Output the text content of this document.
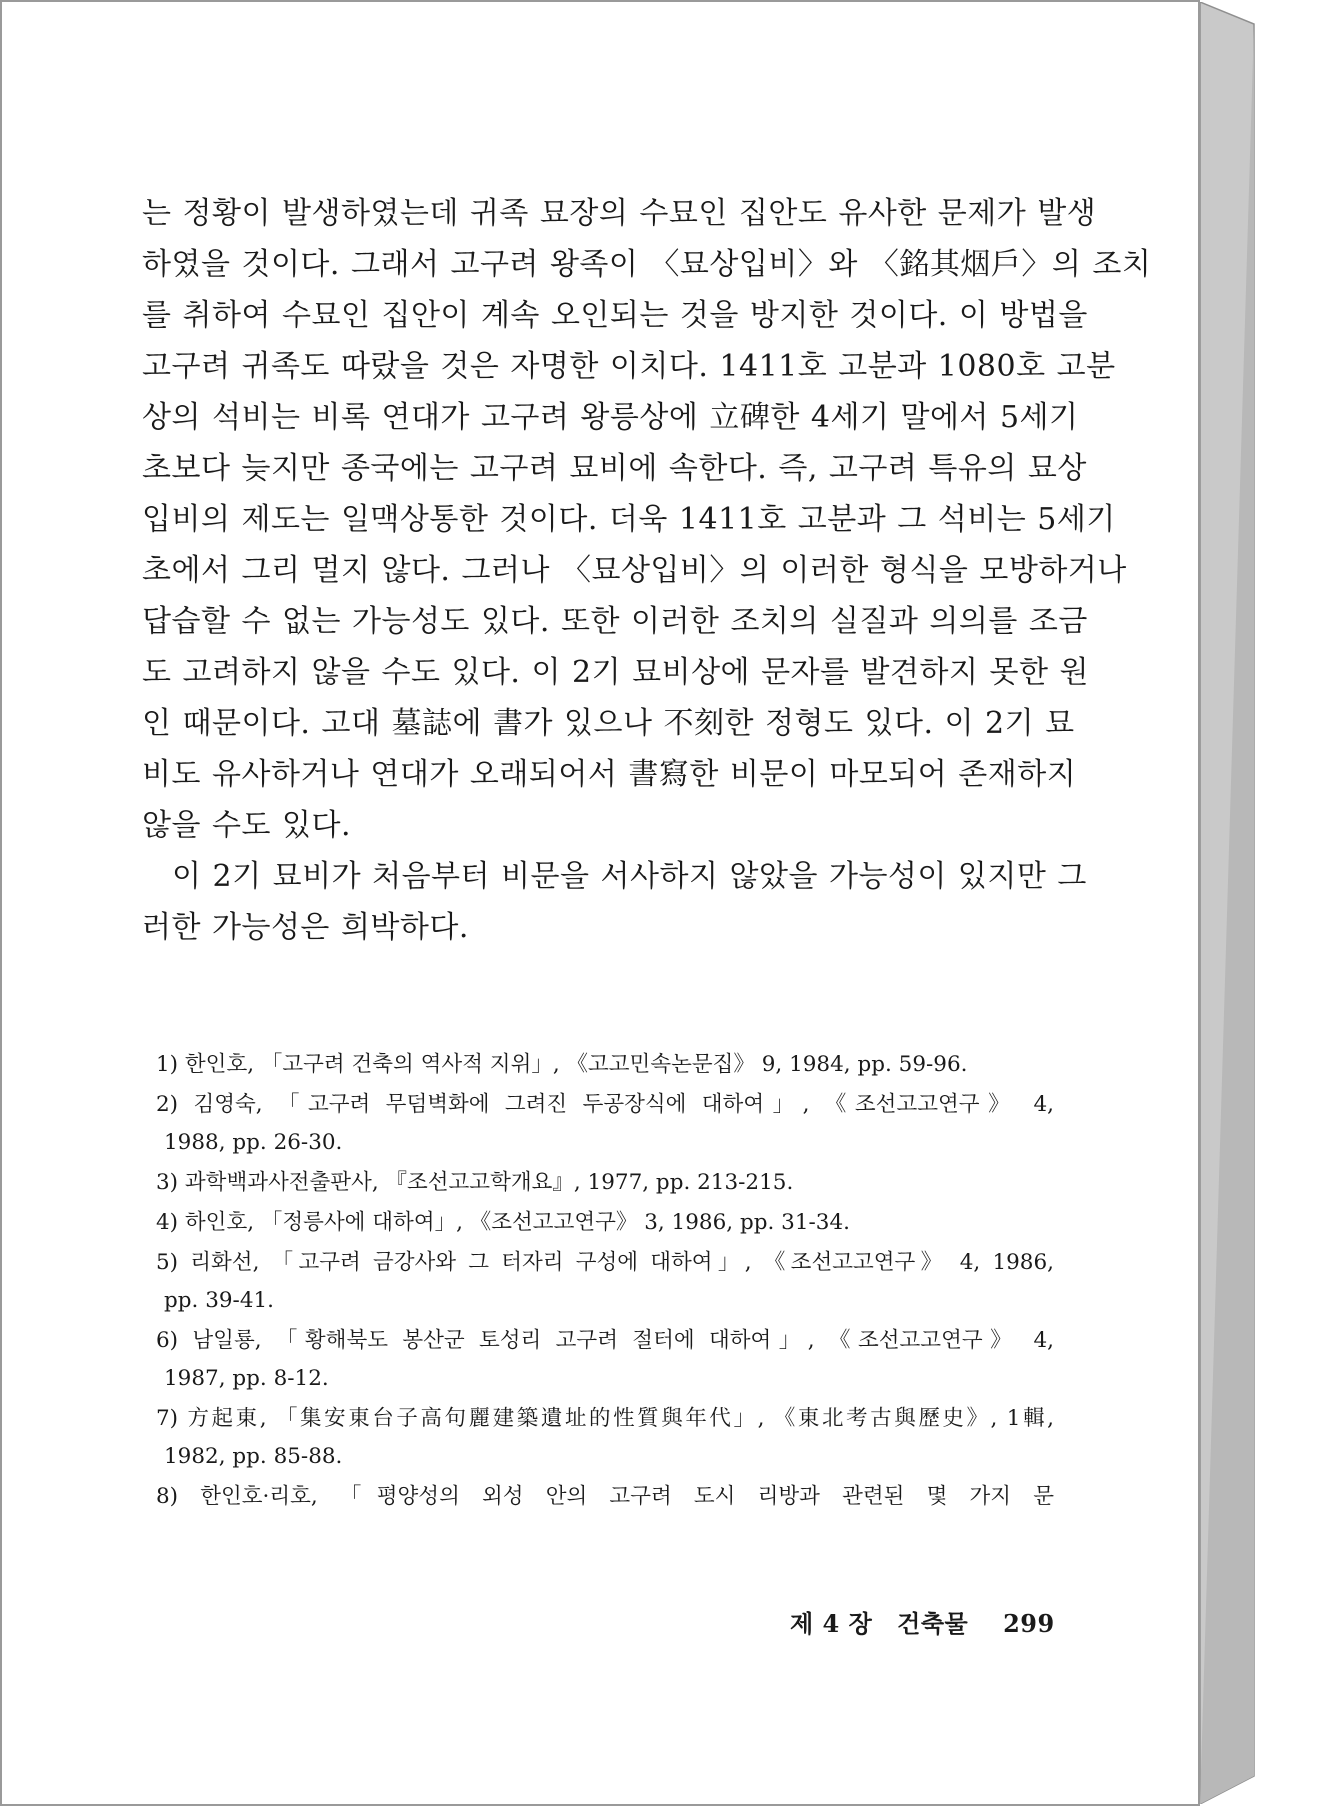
는 정황이 발생하였는데 귀족 묘장의 수묘인 집안도 유사한 문제가 발생
하였을 것이다. 그래서 고구려 왕족이 〈묘상입비〉와 〈銘其烟戶〉의 조치
를 취하여 수묘인 집안이 계속 오인되는 것을 방지한 것이다. 이 방법을
고구려 귀족도 따랐을 것은 자명한 이치다. 1411호 고분과 1080호 고분
상의 석비는 비록 연대가 고구려 왕릉상에 立碑한 4세기 말에서 5세기
초보다 늦지만 종국에는 고구려 묘비에 속한다. 즉, 고구려 특유의 묘상
입비의 제도는 일맥상통한 것이다. 더욱 1411호 고분과 그 석비는 5세기
초에서 그리 멀지 않다. 그러나 〈묘상입비〉의 이러한 형식을 모방하거나
답습할 수 없는 가능성도 있다. 또한 이러한 조치의 실질과 의의를 조금
도 고려하지 않을 수도 있다. 이 2기 묘비상에 문자를 발견하지 못한 원
인 때문이다. 고대 墓誌에 書가 있으나 不刻한 정형도 있다. 이 2기 묘
비도 유사하거나 연대가 오래되어서 書寫한 비문이 마모되어 존재하지
않을 수도 있다.
이 2기 묘비가 처음부터 비문을 서사하지 않았을 가능성이 있지만 그
러한 가능성은 희박하다.
1) 한인호, 「고구려 건축의 역사적 지위」, 《고고민속논문집》 9, 1984, pp. 59-96.
2) 김영숙, 「고구려 무덤벽화에 그려진 두공장식에 대하여」, 《조선고고연구》 4,
1988, pp. 26-30.
3) 과학백과사전출판사, 『조선고고학개요』, 1977, pp. 213-215.
4) 하인호, 「정릉사에 대하여」, 《조선고고연구》 3, 1986, pp. 31-34.
5) 리화선, 「고구려 금강사와 그 터자리 구성에 대하여」, 《조선고고연구》 4, 1986,
pp. 39-41.
6) 남일룡, 「황해북도 봉산군 토성리 고구려 절터에 대하여」, 《조선고고연구》 4,
1987, pp. 8-12.
7) 方起東, 「集安東台子高句麗建築遺址的性質與年代」, 《東北考古與歷史》, 1輯,
1982, pp. 85-88.
8) 한인호·리호, 「평양성의 외성 안의 고구려 도시 리방과 관련된 몇 가지 문
제 4 장 건축물 299
